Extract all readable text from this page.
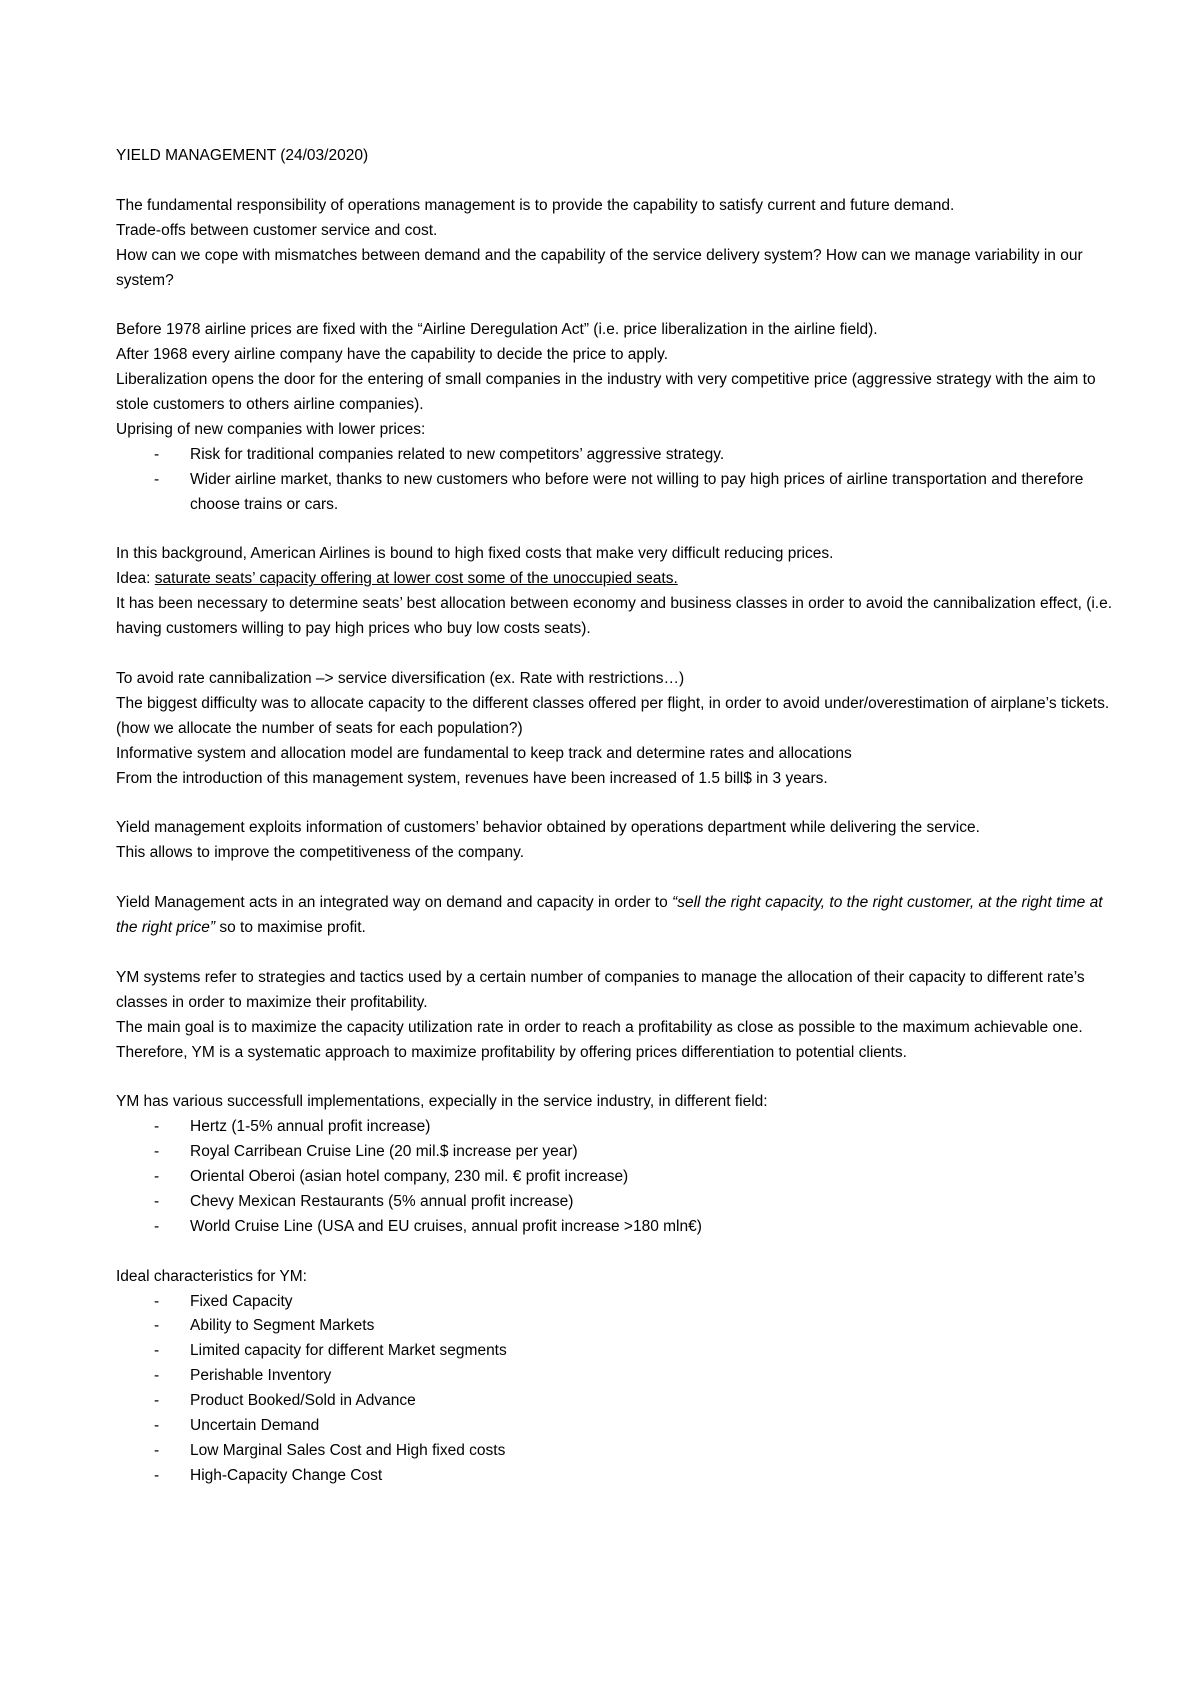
YIELD MANAGEMENT (24/03/2020)

The fundamental responsibility of operations management is to provide the capability to satisfy current and future demand.

Trade-offs between customer service and cost.

How can we cope with mismatches between demand and the capability of the service delivery system? How can we manage variability in our system?

Before 1978 airline prices are fixed with the “Airline Deregulation Act” (i.e. price liberalization in the airline field).

After 1968 every airline company have the capability to decide the price to apply.

Liberalization opens the door for the entering of small companies in the industry with very competitive price (aggressive strategy with the aim to stole customers to others airline companies).

Uprising of new companies with lower prices:

- Risk for traditional companies related to new competitors’ aggressive strategy.
- Wider airline market, thanks to new customers who before were not willing to pay high prices of airline transportation and therefore choose trains or cars.

In this background, American Airlines is bound to high fixed costs that make very difficult reducing prices.

Idea: saturate seats’ capacity offering at lower cost some of the unoccupied seats.

It has been necessary to determine seats’ best allocation between economy and business classes in order to avoid the cannibalization effect, (i.e. having customers willing to pay high prices who buy low costs seats).

To avoid rate cannibalization –> service diversification (ex. Rate with restrictions…)

The biggest difficulty was to allocate capacity to the different classes offered per flight, in order to avoid under/overestimation of airplane’s tickets. (how we allocate the number of seats for each population?)

Informative system and allocation model are fundamental to keep track and determine rates and allocations

From the introduction of this management system, revenues have been increased of 1.5 bill$ in 3 years.

Yield management exploits information of customers’ behavior obtained by operations department while delivering the service.

This allows to improve the competitiveness of the company.

Yield Management acts in an integrated way on demand and capacity in order to “sell the right capacity, to the right customer, at the right time at the right price” so to maximise profit.

YM systems refer to strategies and tactics used by a certain number of companies to manage the allocation of their capacity to different rate’s classes in order to maximize their profitability.

The main goal is to maximize the capacity utilization rate in order to reach a profitability as close as possible to the maximum achievable one.

Therefore, YM is a systematic approach to maximize profitability by offering prices differentiation to potential clients.

YM has various successfull implementations, expecially in the service industry, in different field:

- Hertz (1-5% annual profit increase)
- Royal Carribean Cruise Line (20 mil.$ increase per year)
- Oriental Oberoi (asian hotel company, 230 mil. € profit increase)
- Chevy Mexican Restaurants (5% annual profit increase)
- World Cruise Line (USA and EU cruises, annual profit increase >180 mln€)

Ideal characteristics for YM:

- Fixed Capacity
- Ability to Segment Markets
- Limited capacity for different Market segments
- Perishable Inventory
- Product Booked/Sold in Advance
- Uncertain Demand
- Low Marginal Sales Cost and High fixed costs
- High-Capacity Change Cost
